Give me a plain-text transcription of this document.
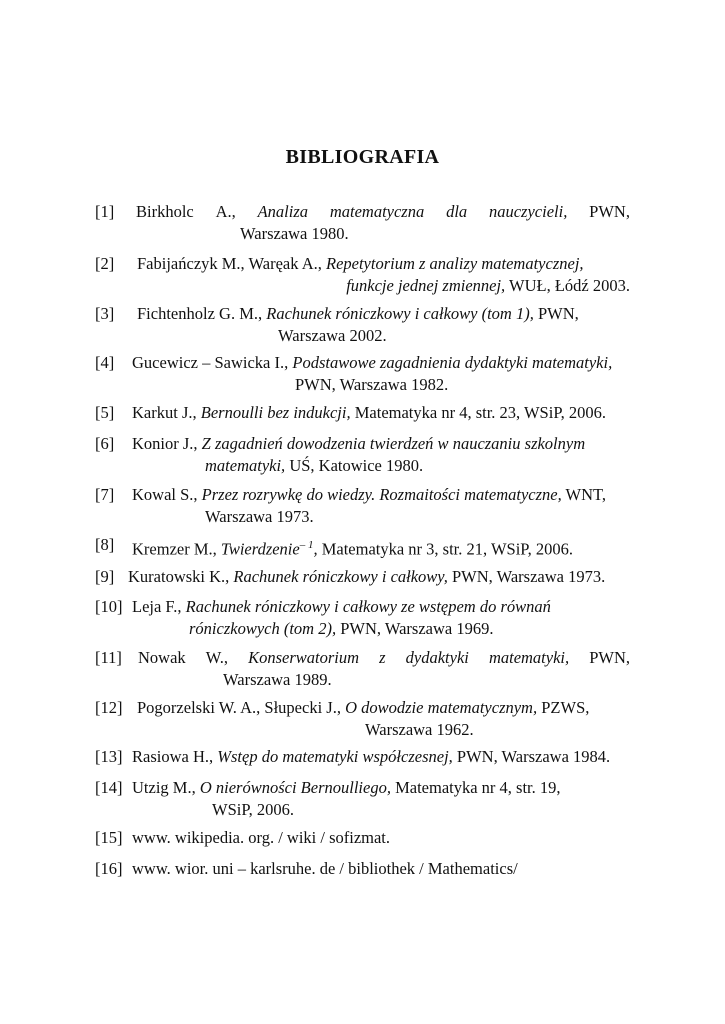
BIBLIOGRAFIA
[1]	Birkholc A., Analiza matematyczna dla nauczycieli, PWN,
Warszawa 1980.
[2]	Fabijańczyk M., Waręak A., Repetytorium z analizy matematycznej,
funkcje jednej zmiennej, WUŁ, Łódź 2003.
[3]	Fichtenholz G. M., Rachunek róniczkowy i całkowy (tom 1), PWN,
Warszawa 2002.
[4]	Gucewicz – Sawicka I., Podstawowe zagadnienia dydaktyki matematyki,
PWN, Warszawa 1982.
[5]	Karkut J., Bernoulli bez indukcji, Matematyka nr 4, str. 23, WSiP, 2006.
[6]	Konior J., Z zagadnień dowodzenia twierdzeń w nauczaniu szkolnym
matematyki, UŚ, Katowice 1980.
[7]	Kowal S., Przez rozrywkę do wiedzy. Rozmaitości matematyczne, WNT,
Warszawa 1973.
[8]	Kremzer M., Twierdzenie$^{- 1}$, Matematyka nr 3, str. 21, WSiP, 2006.
[9] Kuratowski K., Rachunek róniczkowy i całkowy, PWN, Warszawa 1973.
[10] Leja F., Rachunek róniczkowy i całkowy ze wstępem do równań
róniczkowych (tom 2), PWN, Warszawa 1969.
[11] Nowak W., Konserwatorium z dydaktyki matematyki, PWN,
Warszawa 1989.
[12] Pogorzelski W. A., Słupecki J., O dowodzie matematycznym, PZWS,
Warszawa 1962.
[13] Rasiowa H., Wstęp do matematyki współczesnej, PWN, Warszawa 1984.
[14] Utzig M., O nierówności Bernoulliego, Matematyka nr 4, str. 19,
WSiP, 2006.
[15] www. wikipedia. org. / wiki / sofizmat.
[16] www. wior. uni – karlsruhe. de / bibliothek / Mathematics/
